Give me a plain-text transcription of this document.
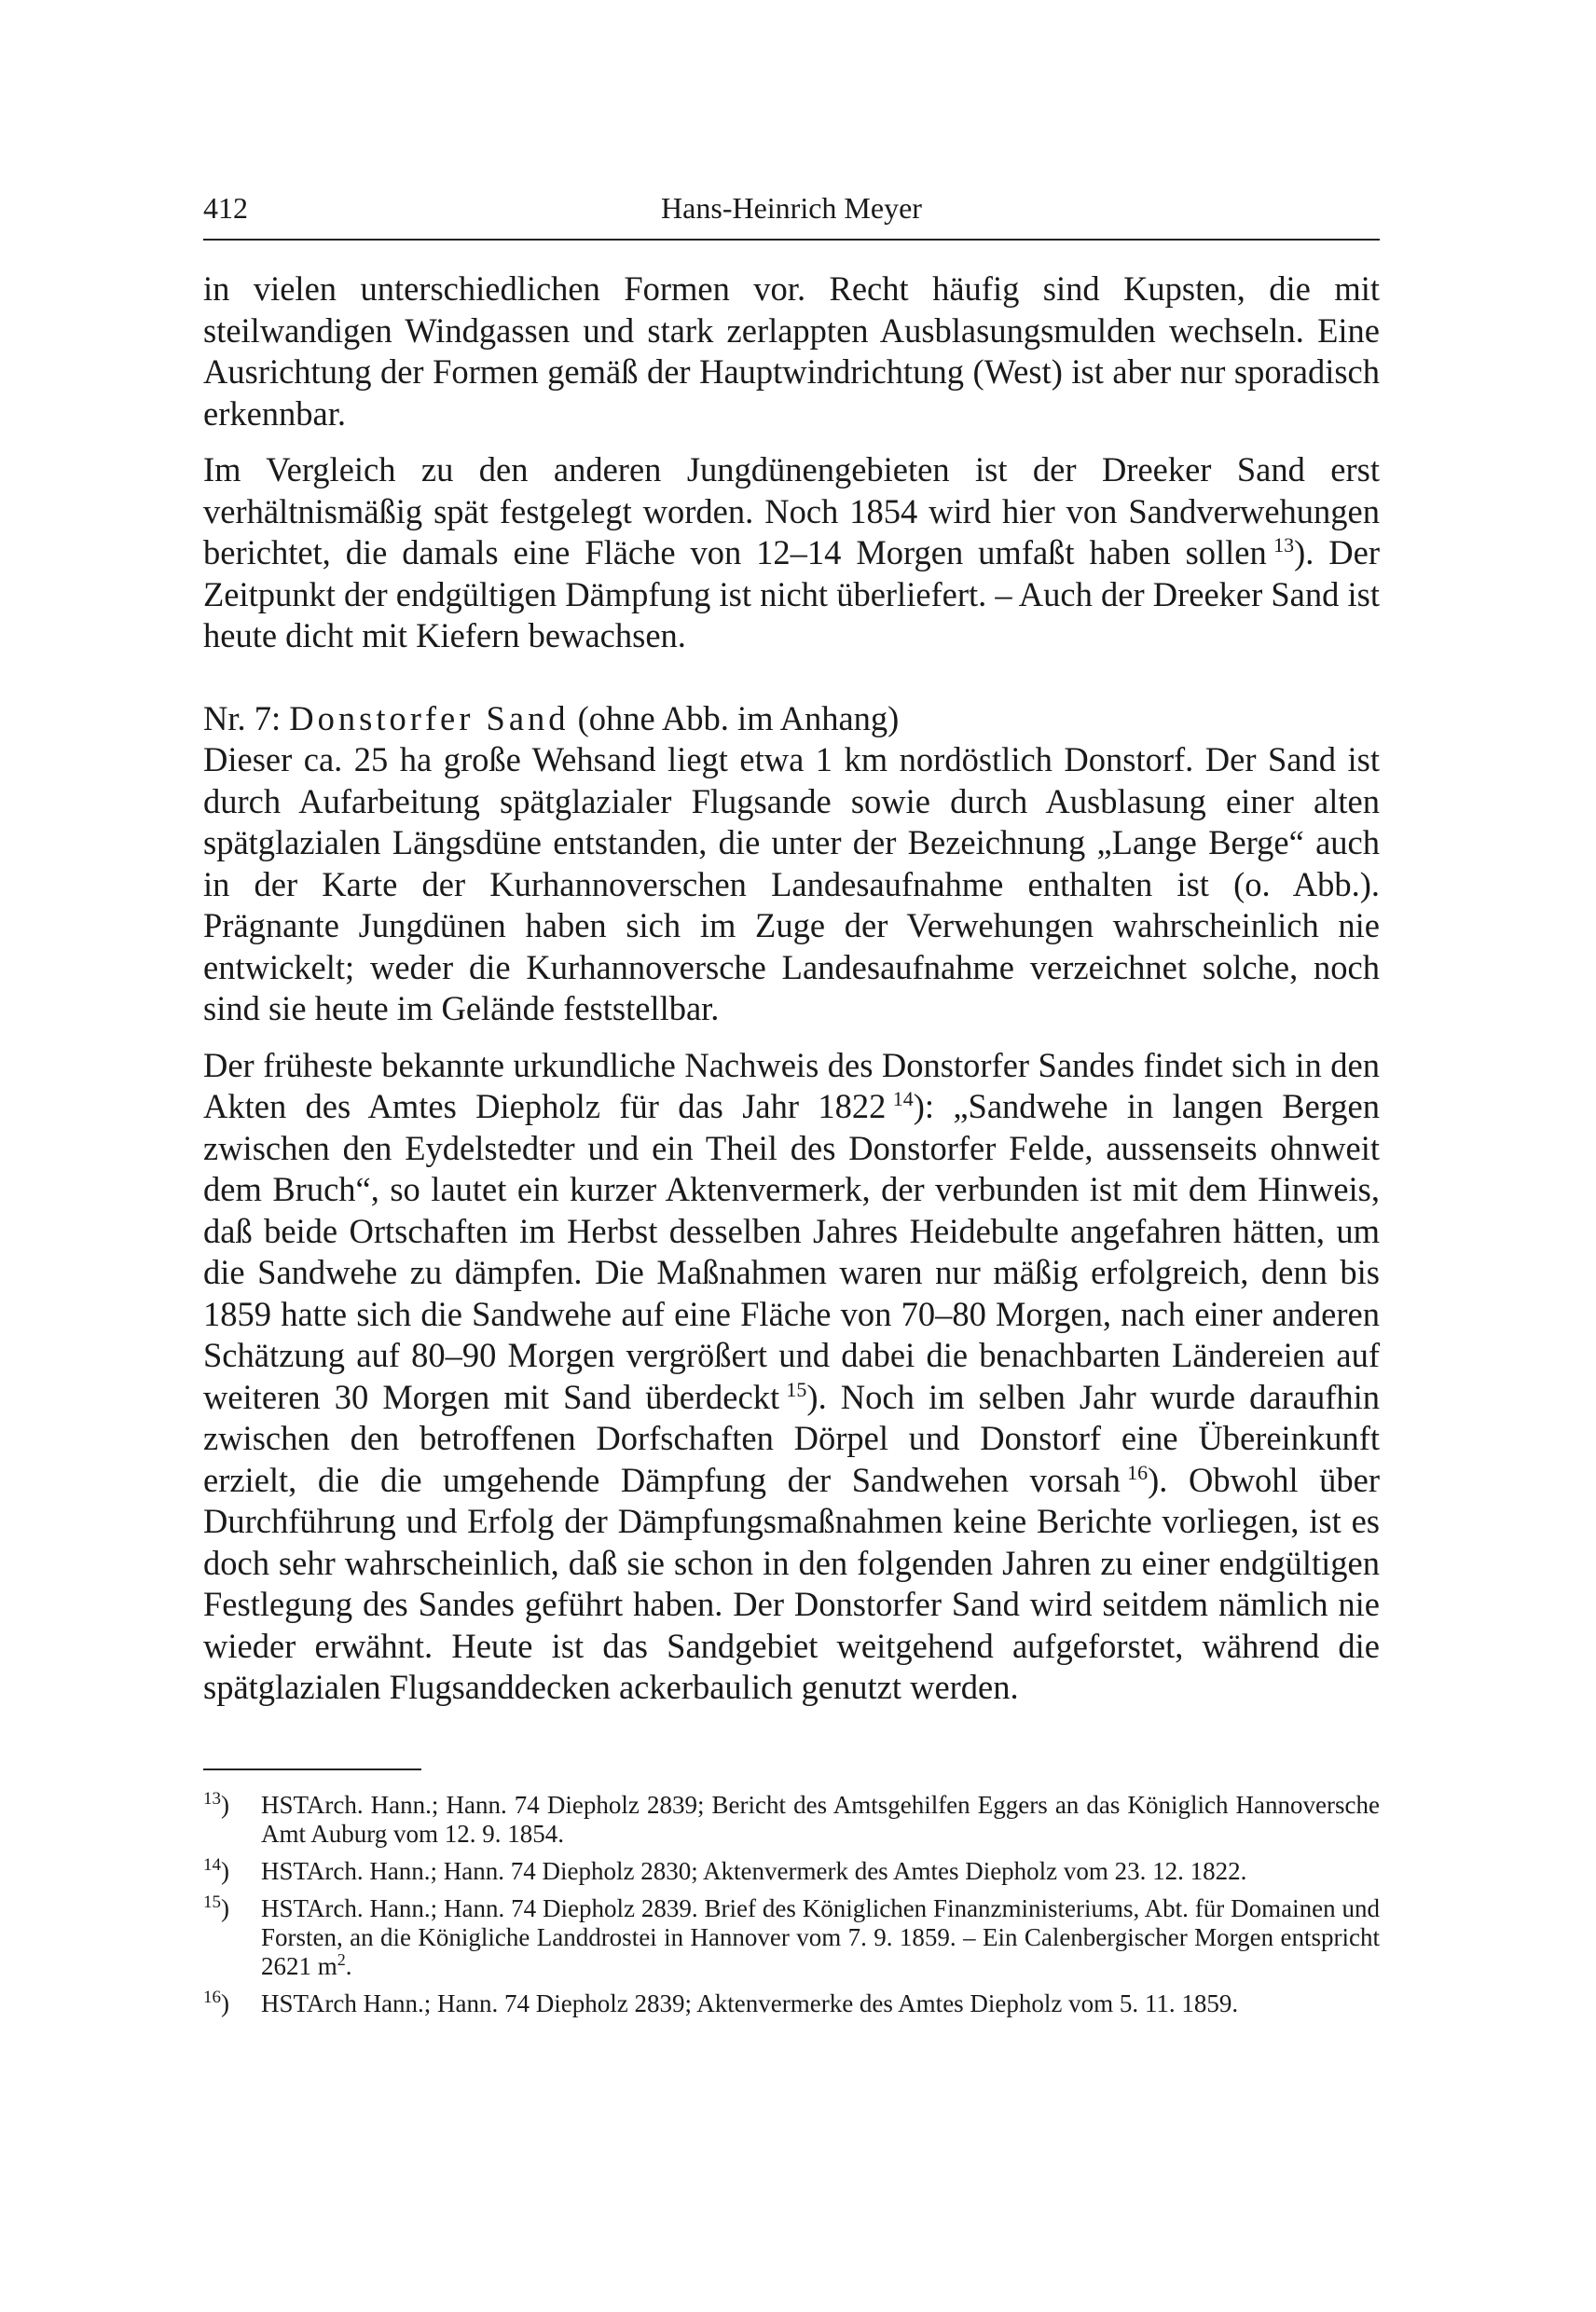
412	Hans-Heinrich Meyer

in vielen unterschiedlichen Formen vor. Recht häufig sind Kupsten, die mit steilwandigen Windgassen und stark zerlappten Ausblasungsmulden wechseln. Eine Ausrichtung der Formen gemäß der Hauptwindrichtung (West) ist aber nur sporadisch erkennbar.

Im Vergleich zu den anderen Jungdünengebieten ist der Dreeker Sand erst verhältnismäßig spät festgelegt worden. Noch 1854 wird hier von Sandverwehungen berichtet, die damals eine Fläche von 12–14 Morgen umfaßt haben sollen  $^{13}$). Der Zeitpunkt der endgültigen Dämpfung ist nicht überliefert. – Auch der Dreeker Sand ist heute dicht mit Kiefern bewachsen.

Nr. 7: Donstorfer Sand (ohne Abb. im Anhang)

Dieser ca. 25 ha große Wehsand liegt etwa 1 km nordöstlich Donstorf. Der Sand ist durch Aufarbeitung spätglazialer Flugsande sowie durch Ausblasung einer alten spätglazialen Längsdüne entstanden, die unter der Bezeichnung „Lange Berge“ auch in der Karte der Kurhannoverschen Landesaufnahme enthalten ist (o. Abb.). Prägnante Jungdünen haben sich im Zuge der Verwehungen wahrscheinlich nie entwickelt; weder die Kurhannoversche Landesaufnahme verzeichnet solche, noch sind sie heute im Gelände feststellbar.

Der früheste bekannte urkundliche Nachweis des Donstorfer Sandes findet sich in den Akten des Amtes Diepholz für das Jahr 1822  $^{14}$): „Sandwehe in langen Bergen zwischen den Eydelstedter und ein Theil des Donstorfer Felde, aussenseits ohnweit dem Bruch“, so lautet ein kurzer Aktenvermerk, der verbunden ist mit dem Hinweis, daß beide Ortschaften im Herbst desselben Jahres Heidebulte angefahren hätten, um die Sandwehe zu dämpfen. Die Maßnahmen waren nur mäßig erfolgreich, denn bis 1859 hatte sich die Sandwehe auf eine Fläche von 70–80 Morgen, nach einer anderen Schätzung auf 80–90 Morgen vergrößert und dabei die benachbarten Ländereien auf weiteren 30 Morgen mit Sand überdeckt  $^{15}$). Noch im selben Jahr wurde daraufhin zwischen den betroffenen Dorfschaften Dörpel und Donstorf eine Übereinkunft erzielt, die die umgehende Dämpfung der Sandwehen vorsah  $^{16}$). Obwohl über Durchführung und Erfolg der Dämpfungsmaßnahmen keine Berichte vorliegen, ist es doch sehr wahrscheinlich, daß sie schon in den folgenden Jahren zu einer endgültigen Festlegung des Sandes geführt haben. Der Donstorfer Sand wird seitdem nämlich nie wieder erwähnt. Heute ist das Sandgebiet weitgehend aufgeforstet, während die spätglazialen Flugsanddecken ackerbaulich genutzt werden.

$^{13}$) HSTArch. Hann.; Hann. 74 Diepholz 2839; Bericht des Amtsgehilfen Eggers an das Königlich Hannoversche Amt Auburg vom 12. 9. 1854.
$^{14}$) HSTArch. Hann.; Hann. 74 Diepholz 2830; Aktenvermerk des Amtes Diepholz vom 23. 12. 1822.
$^{15}$) HSTArch. Hann.; Hann. 74 Diepholz 2839. Brief des Königlichen Finanzministeriums, Abt. für Domainen und Forsten, an die Königliche Landdrostei in Hannover vom 7. 9. 1859. – Ein Calenbergischer Morgen entspricht 2621 $m^2$.
$^{16}$) HSTArch Hann.; Hann. 74 Diepholz 2839; Aktenvermerke des Amtes Diepholz vom 5. 11. 1859.
